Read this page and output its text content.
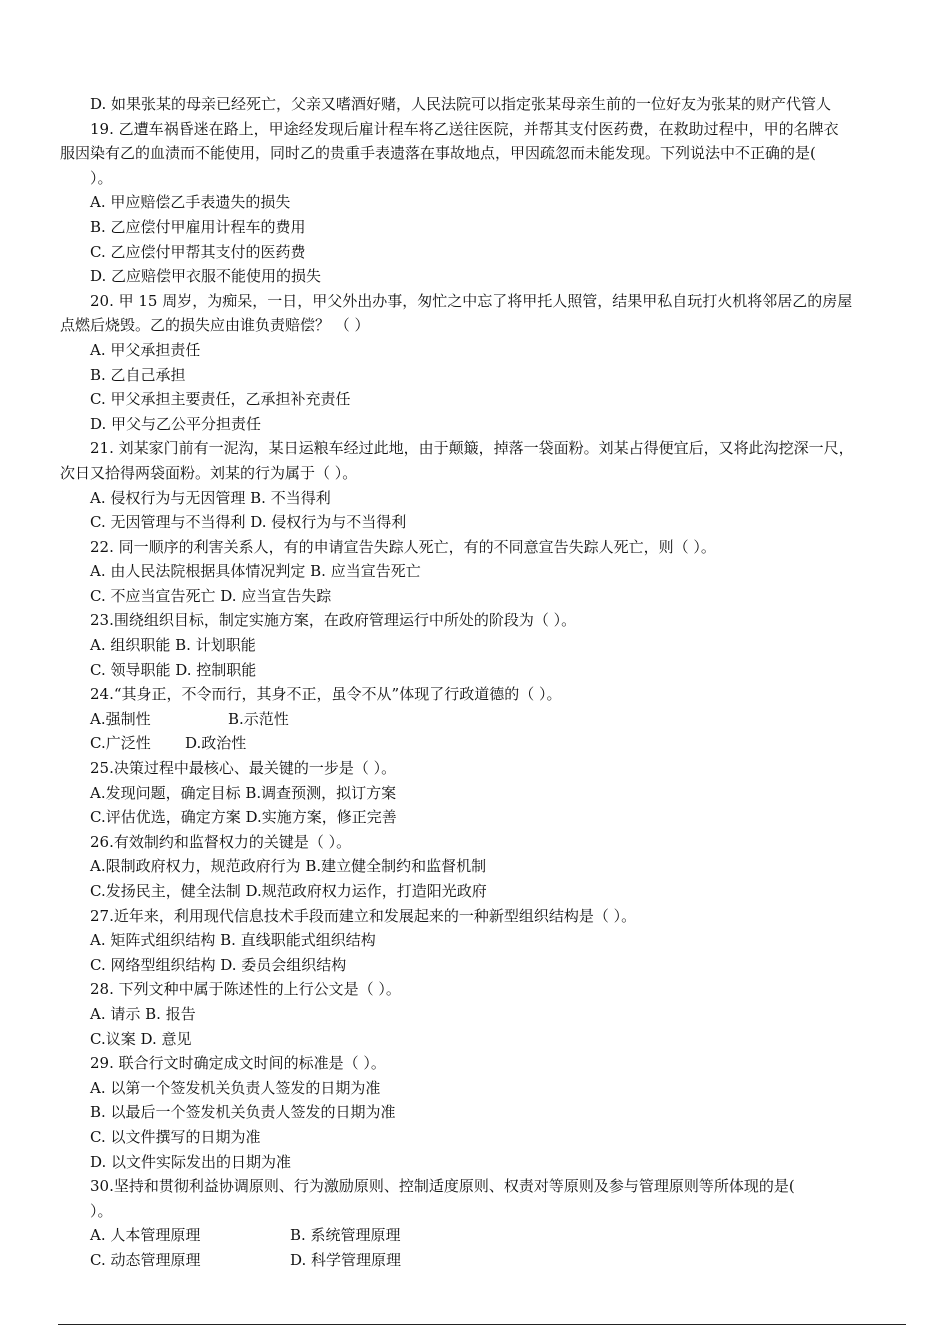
D. 如果张某的母亲已经死亡，父亲又嗜酒好赌，人民法院可以指定张某母亲生前的一位好友为张某的财产代管人
19. 乙遭车祸昏迷在路上，甲途经发现后雇计程车将乙送往医院，并帮其支付医药费，在救助过程中，甲的名牌衣
服因染有乙的血渍而不能使用，同时乙的贵重手表遗落在事故地点，甲因疏忽而未能发现。下列说法中不正确的是(
）。
A. 甲应赔偿乙手表遗失的损失
B. 乙应偿付甲雇用计程车的费用
C. 乙应偿付甲帮其支付的医药费
D. 乙应赔偿甲衣服不能使用的损失
20. 甲 15 周岁，为痴呆，一日，甲父外出办事，匆忙之中忘了将甲托人照管，结果甲私自玩打火机将邻居乙的房屋
点燃后烧毁。乙的损失应由谁负责赔偿？ （ ）
A. 甲父承担责任
B. 乙自己承担
C. 甲父承担主要责任，乙承担补充责任
D. 甲父与乙公平分担责任
21. 刘某家门前有一泥沟，某日运粮车经过此地，由于颠簸，掉落一袋面粉。刘某占得便宜后，又将此沟挖深一尺，
次日又拾得两袋面粉。刘某的行为属于（ ）。
A. 侵权行为与无因管理 B. 不当得利
C. 无因管理与不当得利 D. 侵权行为与不当得利
22. 同一顺序的利害关系人，有的申请宣告失踪人死亡，有的不同意宣告失踪人死亡，则（ ）。
A. 由人民法院根据具体情况判定 B. 应当宣告死亡
C. 不应当宣告死亡 D. 应当宣告失踪
23.围绕组织目标，制定实施方案，在政府管理运行中所处的阶段为（ ）。
A. 组织职能 B. 计划职能
C. 领导职能 D. 控制职能
24.“其身正，不令而行，其身不正，虽令不从”体现了行政道德的（ ）。
A.强制性	B.示范性
C.广泛性	D.政治性
25.决策过程中最核心、最关键的一步是（ ）。
A.发现问题，确定目标 B.调查预测，拟订方案
C.评估优选，确定方案 D.实施方案，修正完善
26.有效制约和监督权力的关键是（ ）。
A.限制政府权力，规范政府行为 B.建立健全制约和监督机制
C.发扬民主，健全法制 D.规范政府权力运作，打造阳光政府
27.近年来，利用现代信息技术手段而建立和发展起来的一种新型组织结构是（ ）。
A. 矩阵式组织结构 B. 直线职能式组织结构
C. 网络型组织结构 D. 委员会组织结构
28. 下列文种中属于陈述性的上行公文是（ ）。
A. 请示 B. 报告
C.议案 D. 意见
29. 联合行文时确定成文时间的标准是（ ）。
A. 以第一个签发机关负责人签发的日期为准
B. 以最后一个签发机关负责人签发的日期为准
C. 以文件撰写的日期为准
D. 以文件实际发出的日期为准
30.坚持和贯彻利益协调原则、行为激励原则、控制适度原则、权责对等原则及参与管理原则等所体现的是(
）。
A. 人本管理原理	B. 系统管理原理
C. 动态管理原理	D. 科学管理原理
